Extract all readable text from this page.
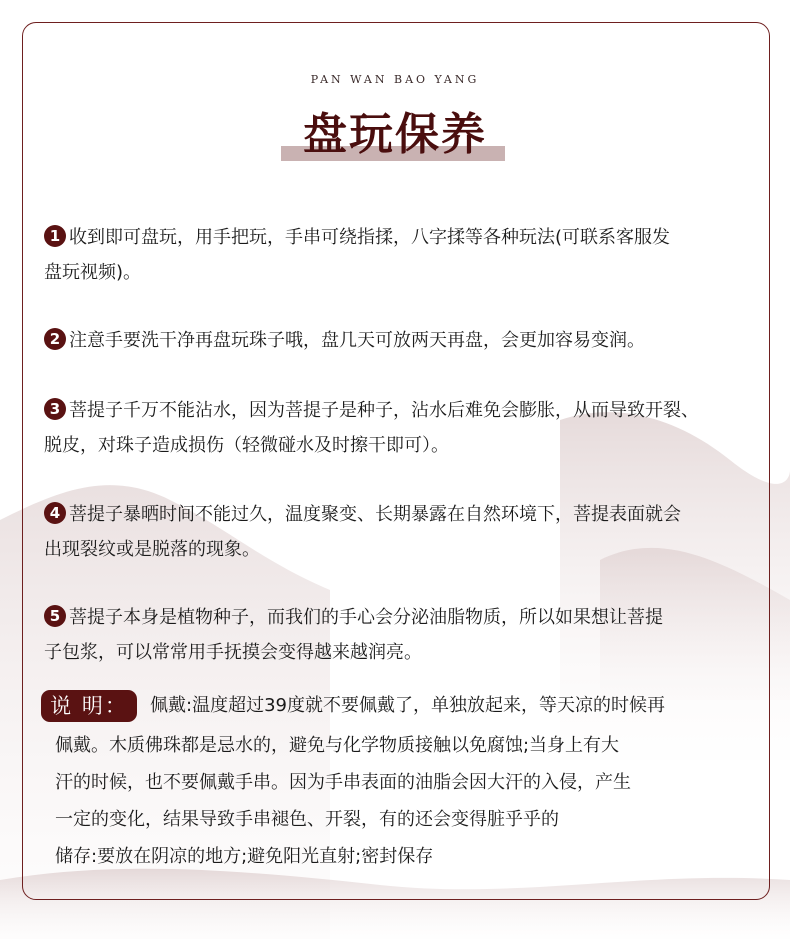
PAN WAN BAO YANG
盘玩保养
1 收到即可盘玩，用手把玩，手串可绕指揉，八字揉等各种玩法(可联系客服发
盘玩视频)。
2 注意手要洗干净再盘玩珠子哦，盘几天可放两天再盘，会更加容易变润。
3 菩提子千万不能沾水，因为菩提子是种子，沾水后难免会膨胀，从而导致开裂、
脱皮，对珠子造成损伤（轻微碰水及时擦干即可）。
4 菩提子暴晒时间不能过久，温度聚变、长期暴露在自然环境下，菩提表面就会
出现裂纹或是脱落的现象。
5 菩提子本身是植物种子，而我们的手心会分泌油脂物质，所以如果想让菩提
子包浆，可以常常用手抚摸会变得越来越润亮。
说 明：	佩戴:温度超过39度就不要佩戴了，单独放起来，等天凉的时候再
佩戴。木质佛珠都是忌水的，避免与化学物质接触以免腐蚀;当身上有大
汗的时候，也不要佩戴手串。因为手串表面的油脂会因大汗的入侵，产生
一定的变化，结果导致手串褪色、开裂，有的还会变得脏乎乎的
储存:要放在阴凉的地方;避免阳光直射;密封保存
